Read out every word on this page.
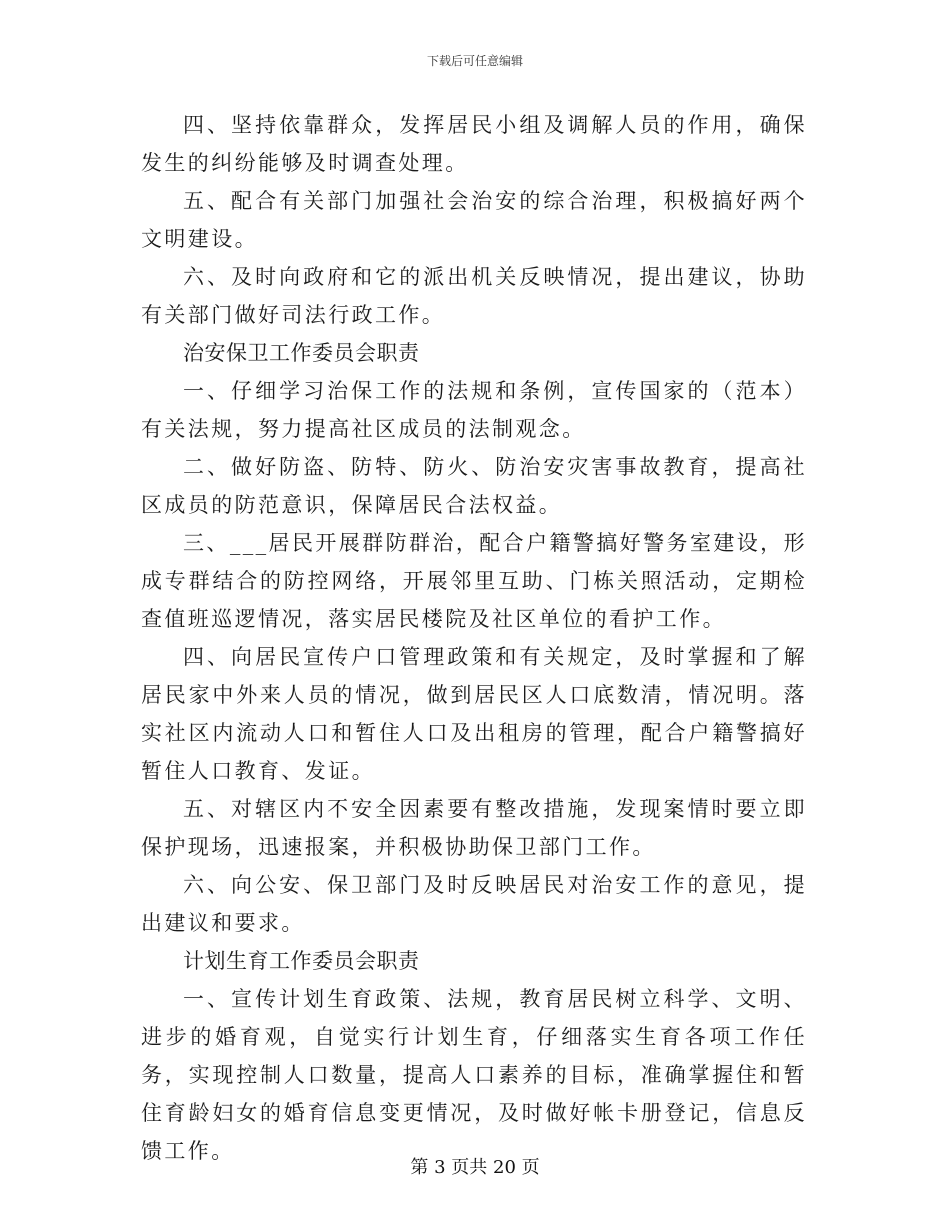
下载后可任意编辑

四、坚持依靠群众，发挥居民小组及调解人员的作用，确保发生的纠纷能够及时调查处理。

五、配合有关部门加强社会治安的综合治理，积极搞好两个文明建设。

六、及时向政府和它的派出机关反映情况，提出建议，协助有关部门做好司法行政工作。

治安保卫工作委员会职责

一、仔细学习治保工作的法规和条例，宣传国家的（范本）有关法规，努力提高社区成员的法制观念。

二、做好防盗、防特、防火、防治安灾害事故教育，提高社区成员的防范意识，保障居民合法权益。

三、___居民开展群防群治，配合户籍警搞好警务室建设，形成专群结合的防控网络，开展邻里互助、门栋关照活动，定期检查值班巡逻情况，落实居民楼院及社区单位的看护工作。

四、向居民宣传户口管理政策和有关规定，及时掌握和了解居民家中外来人员的情况，做到居民区人口底数清，情况明。落实社区内流动人口和暂住人口及出租房的管理，配合户籍警搞好暂住人口教育、发证。

五、对辖区内不安全因素要有整改措施，发现案情时要立即保护现场，迅速报案，并积极协助保卫部门工作。

六、向公安、保卫部门及时反映居民对治安工作的意见，提出建议和要求。

计划生育工作委员会职责

一、宣传计划生育政策、法规，教育居民树立科学、文明、进步的婚育观，自觉实行计划生育，仔细落实生育各项工作任务，实现控制人口数量，提高人口素养的目标，准确掌握住和暂住育龄妇女的婚育信息变更情况，及时做好帐卡册登记，信息反馈工作。

第 3 页共 20 页
